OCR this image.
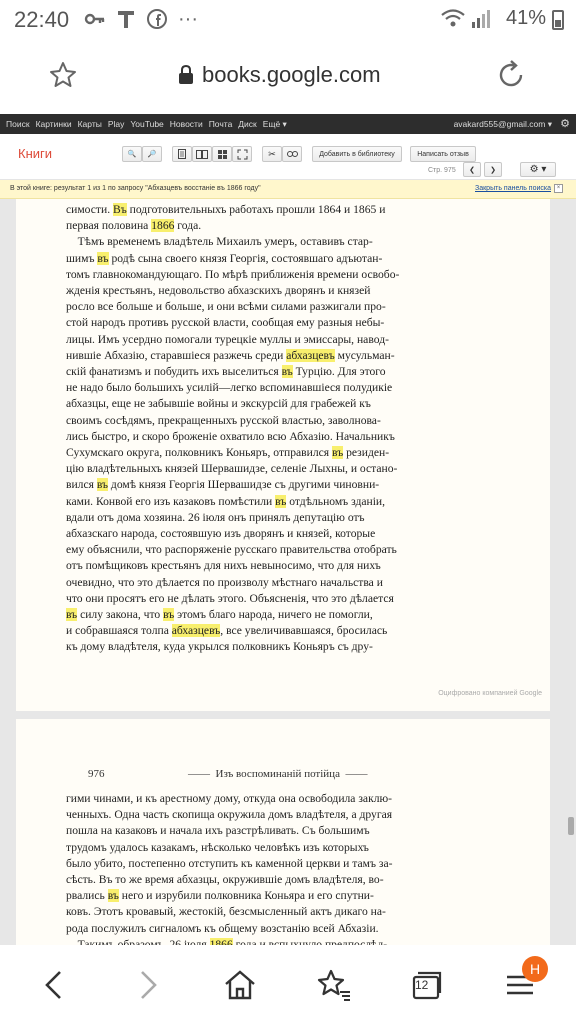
22:40	···	41%
books.google.com
Поиск Картинки Карты Play YouTube Новости Почта Диск Ещё ▾	avakard555@gmail.com ▾ ⚙
Книги	🔍 🔎	✂	Добавить в библиотеку	Написать отзыв
❮ ❯	⚙ ▾
Стр. 975
В этой книге: результат 1 из 1 по запросу "Абхазцевъ восстаніе въ 1866 году"	Закрыть панель поиска ×
симости. Въ подготовительныхъ работахъ прошли 1864 и 1865 и
первая половина 1866 года.
Тѣмъ временемъ владѣтель Михаилъ умеръ, оставивъ стар-
шимъ въ родѣ сына своего князя Георгія, состоявшаго адъютан-
томъ главнокомандующаго. По мѣрѣ приближенія времени освобо-
жденія крестьянъ, недовольство абхазскихъ дворянъ и князей
росло все больше и больше, и они всѣми силами разжигали про-
стой народъ противъ русской власти, сообщая ему разныя небы-
лицы. Имъ усердно помогали турецкіе муллы и эмиссары, навод-
нившіе Абхазію, старавшіеся разжечь среди абхазцевъ мусульман-
скій фанатизмъ и побудить ихъ выселиться въ Турцію. Для этого
не надо было большихъ усилій—легко вспоминавшіеся полудикіе
абхазцы, еще не забывшіе войны и экскурсій для грабежей къ
своимъ сосѣдямъ, прекращенныхъ русской властью, заволнова-
лись быстро, и скоро броженіе охватило всю Абхазію. Начальникъ
Сухумскаго округа, полковникъ Коньяръ, отправился въ резиден-
цію владѣтельныхъ князей Шервашидзе, селеніе Лыхны, и остано-
вился въ домѣ князя Георгія Шервашидзе съ другими чиновни-
ками. Конвой его изъ казаковъ помѣстили въ отдѣльномъ зданіи,
вдали отъ дома хозяина. 26 іюля онъ принялъ депутацію отъ
абхазскаго народа, состоявшую изъ дворянъ и князей, которые
ему объяснили, что распоряженіе русскаго правительства отобрать
отъ помѣщиковъ крестьянъ для нихъ невыносимо, что для нихъ
очевидно, что это дѣлается по произволу мѣстнаго начальства и
что они просятъ его не дѣлать этого. Объясненія, что это дѣлается
въ силу закона, что въ этомъ благо народа, ничего не помогли,
и собравшаяся толпа абхазцевъ, все увеличивавшаяся, бросилась
къ дому владѣтеля, куда укрылся полковникъ Коньяръ съ дру-
Оцифровано компанией Google
976	——  Изъ воспоминаній потійца  ——
гими чинами, и къ арестному дому, откуда она освободила заклю-
ченныхъ. Одна часть скопища окружила домъ владѣтеля, а другая
пошла на казаковъ и начала ихъ разстрѣливать. Съ большимъ
трудомъ удалось казакамъ, нѣсколько человѣкъ изъ которыхъ
было убито, постепенно отступить къ каменной церкви и тамъ за-
сѣсть. Въ то же время абхазцы, окружившіе домъ владѣтеля, во-
рвались въ него и изрубили полковника Коньяра и его спутни-
ковъ. Этотъ кровавый, жестокій, безсмысленный актъ дикаго на-
рода послужилъ сигналомъ къ общему возстанію всей Абхазіи.

12
Н
